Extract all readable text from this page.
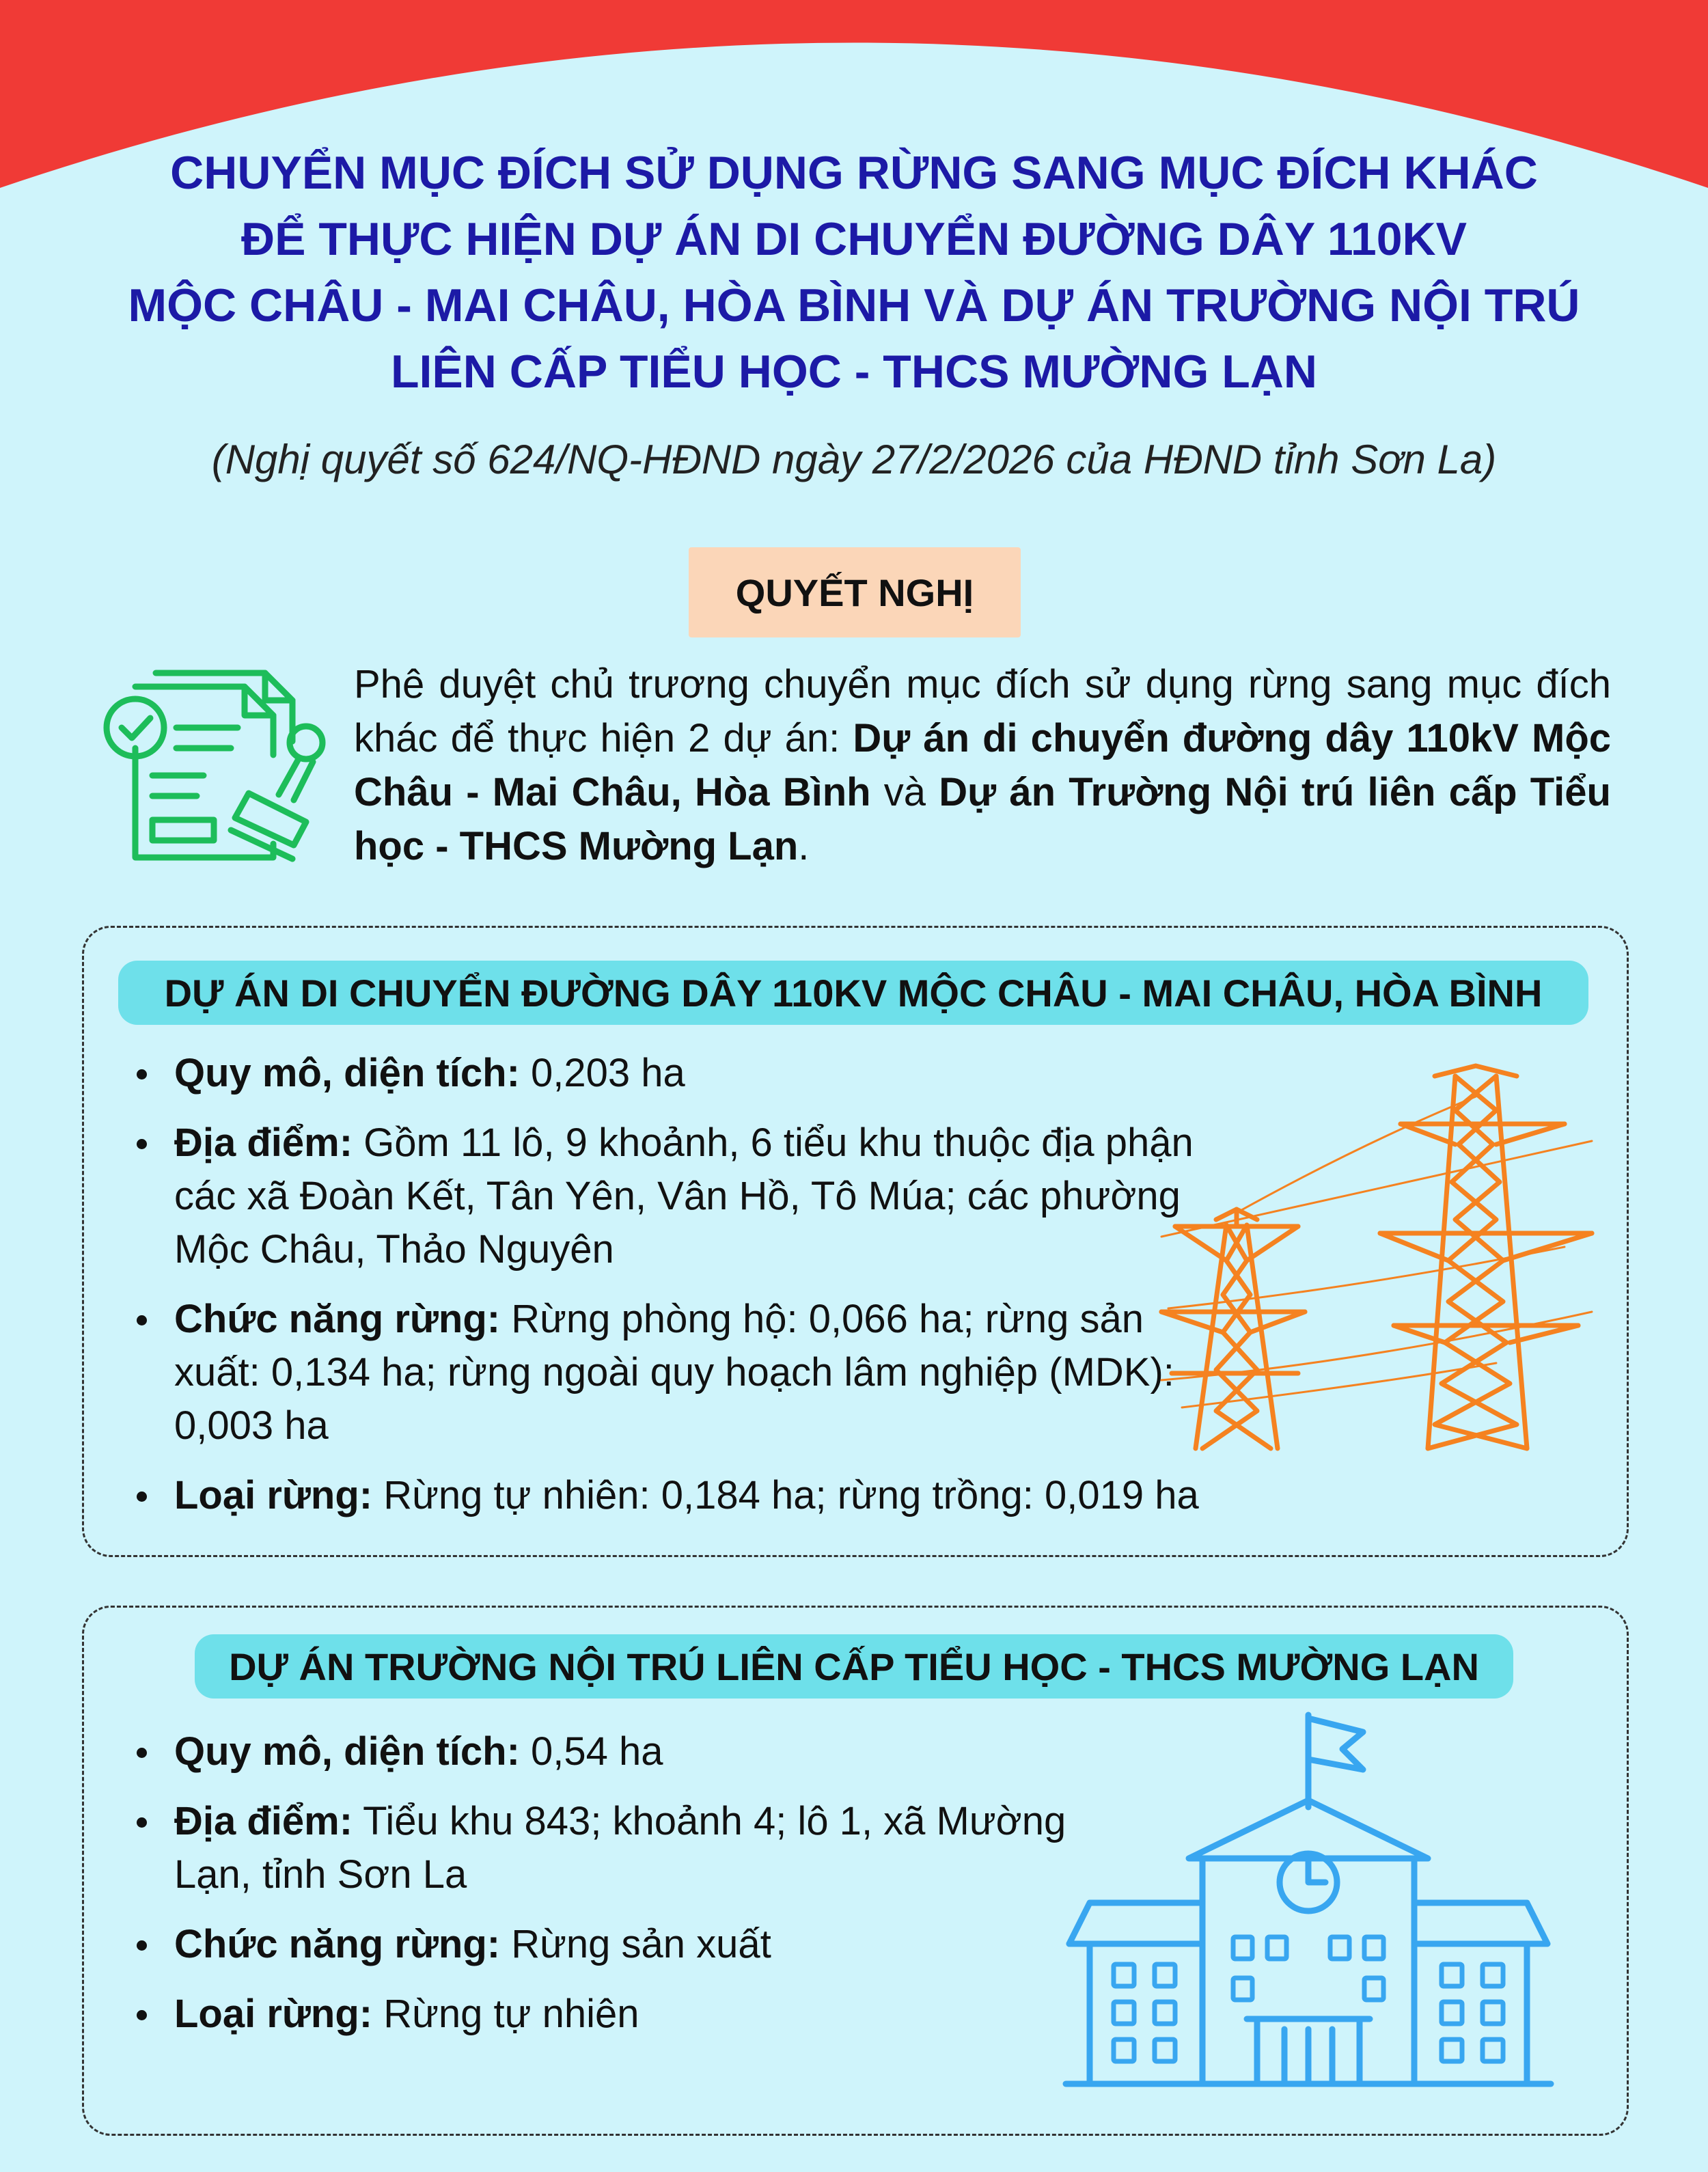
CHUYỂN MỤC ĐÍCH SỬ DỤNG RỪNG SANG MỤC ĐÍCH KHÁC
ĐỂ THỰC HIỆN DỰ ÁN DI CHUYỂN ĐƯỜNG DÂY 110KV
MỘC CHÂU - MAI CHÂU, HÒA BÌNH VÀ DỰ ÁN TRƯỜNG NỘI TRÚ
LIÊN CẤP TIỂU HỌC - THCS MƯỜNG LẠN

(Nghị quyết số 624/NQ-HĐND ngày 27/2/2026 của HĐND tỉnh Sơn La)

QUYẾT NGHỊ

Phê duyệt chủ trương chuyển mục đích sử dụng rừng sang mục đích khác để thực hiện 2 dự án: Dự án di chuyển đường dây 110kV Mộc Châu - Mai Châu, Hòa Bình và Dự án Trường Nội trú liên cấp Tiểu học - THCS Mường Lạn.

DỰ ÁN DI CHUYỂN ĐƯỜNG DÂY 110KV MỘC CHÂU - MAI CHÂU, HÒA BÌNH
Quy mô, diện tích: 0,203 ha
Địa điểm: Gồm 11 lô, 9 khoảnh, 6 tiểu khu thuộc địa phận các xã Đoàn Kết, Tân Yên, Vân Hồ, Tô Múa; các phường Mộc Châu, Thảo Nguyên
Chức năng rừng: Rừng phòng hộ: 0,066 ha; rừng sản xuất: 0,134 ha; rừng ngoài quy hoạch lâm nghiệp (MDK): 0,003 ha
Loại rừng: Rừng tự nhiên: 0,184 ha; rừng trồng: 0,019 ha
DỰ ÁN TRƯỜNG NỘI TRÚ LIÊN CẤP TIỂU HỌC - THCS MƯỜNG LẠN
Quy mô, diện tích: 0,54 ha
Địa điểm: Tiểu khu 843; khoảnh 4; lô 1, xã Mường Lạn, tỉnh Sơn La
Chức năng rừng: Rừng sản xuất
Loại rừng: Rừng tự nhiên
